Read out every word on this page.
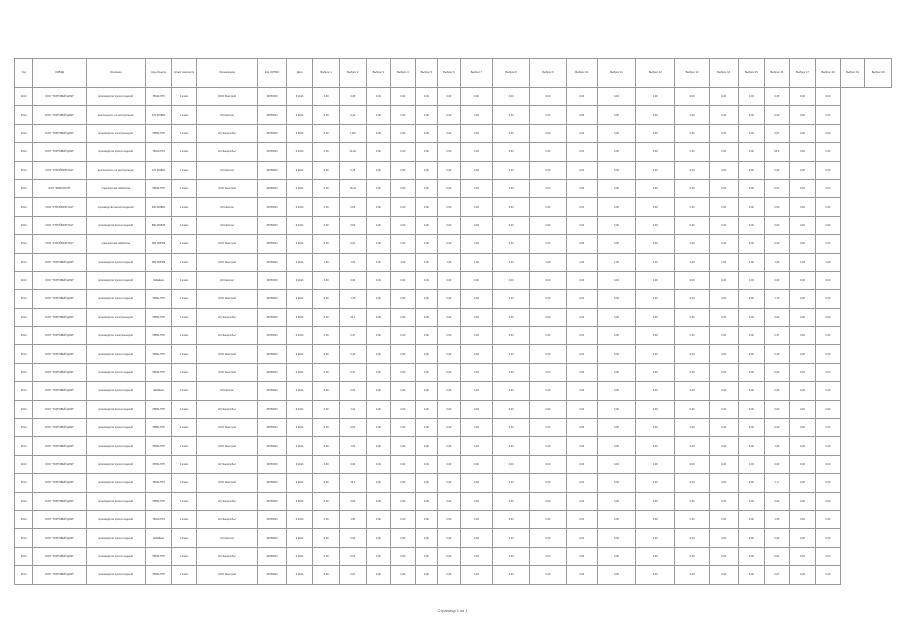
Год	ОКВЭД	Описание	Код объекта	Класс опасности	Организация	Код ОКТМО	Дата	Выброс 1	Выброс 2	Выброс 3	Выброс 4	Выброс 5	Выброс 6	Выброс 7	Выброс 8	Выброс 9	Выброс 10	Выброс 11	Выброс 12	Выброс 13	Выброс 14	Выброс 15	Выброс 16	Выброс 17	Выброс 18	Выброс 19	Выброс 20
2014	ООО "ТОРГОВЫЙ ДОМ"	производство прочих изделий	78640-ПТ6	3 класс	ООО Ремстрой	46783000	5.2014	0,00	0,45	0,00	0,00	0,00	0,00	0,00	0,00	0,00	0,00	0,00	0,00	0,00	0,00	0,00	0,45	0,00	0,00		
2014	ООО "ТОРГОВЫЙ ДОМ"	деятельность по эксплуатации	470-МОБ61	1 класс	АО Капитал	46783000	6.2014	0,00	0,44	0,00	0,00	0,00	0,00	0,00	0,00	0,00	0,00	0,00	0,00	0,00	0,00	0,00	0,00	0,00	0,00		
2014	ООО "ТОРГОВЫЙ ДОМ"	производство электроэнергии	78650-П7П	3 класс	АО Энергосбыт	46783000	6.2014	0,00	1,187	0,00	0,00	0,00	0,00	0,00	0,00	0,00	0,00	0,00	0,00	0,00	0,00	0,00	0,07	0,00	0,00		
2014	ООО "ТОРГОВЫЙ ДОМ"	производство прочих изделий	78640-ПТ6	3 класс	АО Энергосбыт	46783000	6.2014	0,00	24,02	0,00	0,00	0,00	0,00	0,00	0,00	0,00	0,00	0,00	0,00	0,00	0,00	0,00	65,0	0,00	0,00		
2014	ООО "СТРОЙМОНТАЖ"	деятельность по эксплуатации	470-МОБ61	1 класс	АО Капитал	46783000	6.2014	0,00	0,18	0,00	0,00	0,00	0,00	0,00	0,00	0,00	0,00	0,00	0,00	0,00	0,00	0,00	0,00	0,00	0,00		
2014	ООО "РЕМСТРОЙ"	транспортная обработка	78690-П7П	4 класс	ООО Ремстрой	46783000	6.2014	0,00	15,31	0,00	0,00	0,00	0,00	0,00	0,00	0,00	0,00	0,00	0,00	0,00	0,00	0,00	0,07	0,00	0,00		
2014	ООО "СТРОЙМОНТАЖ"	производство металлоизделий	400-МОБ61	3 класс	АО Капитал	46783000	6.2014	0,00	0,03	0,00	0,00	0,00	0,00	0,00	0,00	0,00	0,00	0,00	0,00	0,00	0,00	0,00	0,00	0,00	0,00		
2014	ООО "СТРОЙМОНТАЖ"	производство прочих изделий	880-МОБ36	3 класс	АО Капитал	46783000	6.2014	0,00	0,00	0,00	0,00	0,00	0,00	0,00	0,00	0,00	0,00	0,00	0,00	0,00	0,00	0,00	0,00	0,00	0,00		
2014	ООО "СТРОЙМОНТАЖ"	транспортная обработка	580-ЗМП06	4 класс	ООО Ремстрой	46783000	6.2014	0,00	0,01	0,00	0,00	0,00	0,00	0,00	0,00	0,00	0,00	0,00	0,00	0,00	0,00	0,00	0,00	0,00	0,00		
2014	ООО "ТОРГОВЫЙ ДОМ"	производство прочих изделий	580-ЗМП06	4 класс	ООО Ремстрой	46783000	6.2014	1,00	1,00	1,00	1,00	1,00	1,00	1,00	1,00	1,00	1,00	1,00	1,00	1,00	1,00	1,00	1,00	1,00	1,00		
2014	ООО "ТОРГОВЫЙ ДОМ"	производство прочих изделий	Забайкал	3 класс	АО Капитал	46783000	6.2014	0,00	0,00	0,00	0,00	0,00	0,00	0,00	0,00	0,00	0,00	0,00	0,00	0,00	0,00	0,00	0,00	0,00	0,00		
2014	ООО "ТОРГОВЫЙ ДОМ"	производство прочих изделий	78690-П7П	4 класс	ООО Ремстрой	46783000	6.2014	0,00	1,70	0,00	0,00	0,00	0,00	0,00	0,00	0,00	0,00	0,00	0,00	0,00	0,00	0,00	1,70	0,00	0,00		
2014	ООО "ТОРГОВЫЙ ДОМ"	производство электроэнергии	78650-П7П	3 класс	АО Энергосбыт	46783000	6.2014	0,00	20,4	0,00	0,00	0,00	0,00	0,00	0,00	0,00	0,00	0,00	0,00	0,00	0,00	0,00	0,00	0,00	0,00		
2014	ООО "ТОРГОВЫЙ ДОМ"	производство электроэнергии	78650-П7П	3 класс	АО Энергосбыт	46783000	6.2014	0,00	0,47	0,00	0,00	0,00	0,00	0,00	0,00	0,00	0,00	0,00	0,00	0,00	0,00	0,00	0,47	0,00	0,00		
2014	ООО "ТОРГОВЫЙ ДОМ"	производство прочих изделий	78690-П7П	4 класс	ООО Ремстрой	46783000	6.2014	0,00	0,10	0,00	0,00	0,00	0,00	0,00	0,00	0,00	0,00	0,00	0,00	0,00	0,00	0,00	0,10	0,00	0,00		
2014	ООО "ТОРГОВЫЙ ДОМ"	производство прочих изделий	78690-П7П	3 класс	ООО Ремстрой	46783000	6.2014	0,00	0,47	0,00	0,00	0,00	0,00	0,00	0,00	0,00	0,00	0,00	0,00	0,00	0,00	0,00	0,00	0,00	0,00		
2014	ООО "ТОРГОВЫЙ ДОМ"	производство прочих изделий	Забайкал	3 класс	АО Капитал	46783000	6.2014	0,00	0,00	0,00	0,00	0,00	0,00	0,00	0,00	0,00	0,00	0,00	0,00	0,00	0,00	0,00	0,00	0,00	0,00		
2014	ООО "ТОРГОВЫЙ ДОМ"	производство прочих изделий	78650-П7П	3 класс	АО Энергосбыт	46783000	6.2014	0,00	1,41	0,00	0,00	0,00	0,00	0,00	0,00	0,00	0,00	0,00	0,00	0,00	0,00	0,00	0,00	0,00	0,00		
2014	ООО "ТОРГОВЫЙ ДОМ"	производство прочих изделий	78690-П7П	4 класс	ООО Ремстрой	46783000	6.2014	0,00	0,00	0,00	0,00	0,00	0,00	0,00	0,00	0,00	0,00	0,00	0,00	0,00	0,00	0,00	0,00	0,00	0,00		
2014	ООО "ТОРГОВЫЙ ДОМ"	производство прочих изделий	78650-П7П	4 класс	ООО Ремстрой	46783000	6.2014	0,00	1,00	0,00	0,00	0,00	0,00	0,00	0,00	0,00	0,00	0,00	0,00	0,00	0,00	0,00	1,00	0,00	0,00		
2014	ООО "ТОРГОВЫЙ ДОМ"	производство прочих изделий	78650-П7П	3 класс	АО Энергосбыт	46783000	6.2014	0,00	0,00	0,00	0,00	0,00	0,00	0,00	0,00	0,00	0,00	0,00	0,00	0,00	0,00	0,00	0,00	0,00	0,00		
2014	ООО "ТОРГОВЫЙ ДОМ"	производство прочих изделий	78640-ПТ6	3 класс	ООО Ремстрой	46783000	6.2014	0,00	16,0	0,00	0,00	0,00	0,00	0,00	0,00	0,00	0,00	0,00	0,00	0,00	0,00	0,00	1,0	0,00	0,00		
2014	ООО "ТОРГОВЫЙ ДОМ"	производство прочих изделий	78650-П7П	3 класс	АО Энергосбыт	46783000	6.2014	0,00	0,00	0,00	0,00	0,00	0,00	0,00	0,00	0,00	0,00	0,00	0,00	0,00	0,00	0,00	0,00	0,00	0,00		
2014	ООО "ТОРГОВЫЙ ДОМ"	производство прочих изделий	78640-ПТ6	3 класс	АО Энергосбыт	46783000	6.2014	0,00	1,45	0,00	0,00	0,00	0,00	0,00	0,00	0,00	0,00	0,00	0,00	0,00	0,00	0,00	1,45	0,00	0,00		
2014	ООО "ТОРГОВЫЙ ДОМ"	производство прочих изделий	Забайкал	3 класс	АО Капитал	46783000	6.2014	0,00	0,00	0,00	0,00	0,00	0,00	0,00	0,00	0,00	0,00	0,00	0,00	0,00	0,00	0,00	0,00	0,00	0,00		
2014	ООО "ТОРГОВЫЙ ДОМ"	производство прочих изделий	78650-П7П	3 класс	АО Энергосбыт	46783000	6.2014	0,00	0,01	0,00	0,00	0,00	0,00	0,00	0,00	0,00	0,00	0,00	0,00	0,00	0,00	0,00	0,01	0,00	0,00		
2014	ООО "ТОРГОВЫЙ ДОМ"	производство прочих изделий	78690-П7П	4 класс	ООО Ремстрой	46783000	6.2014	0,00	0,07	0,00	0,00	0,00	0,00	0,00	0,00	0,00	0,00	0,00	0,00	0,00	0,00	0,00	0,07	0,00	0,00		
Страница 1 из 1
